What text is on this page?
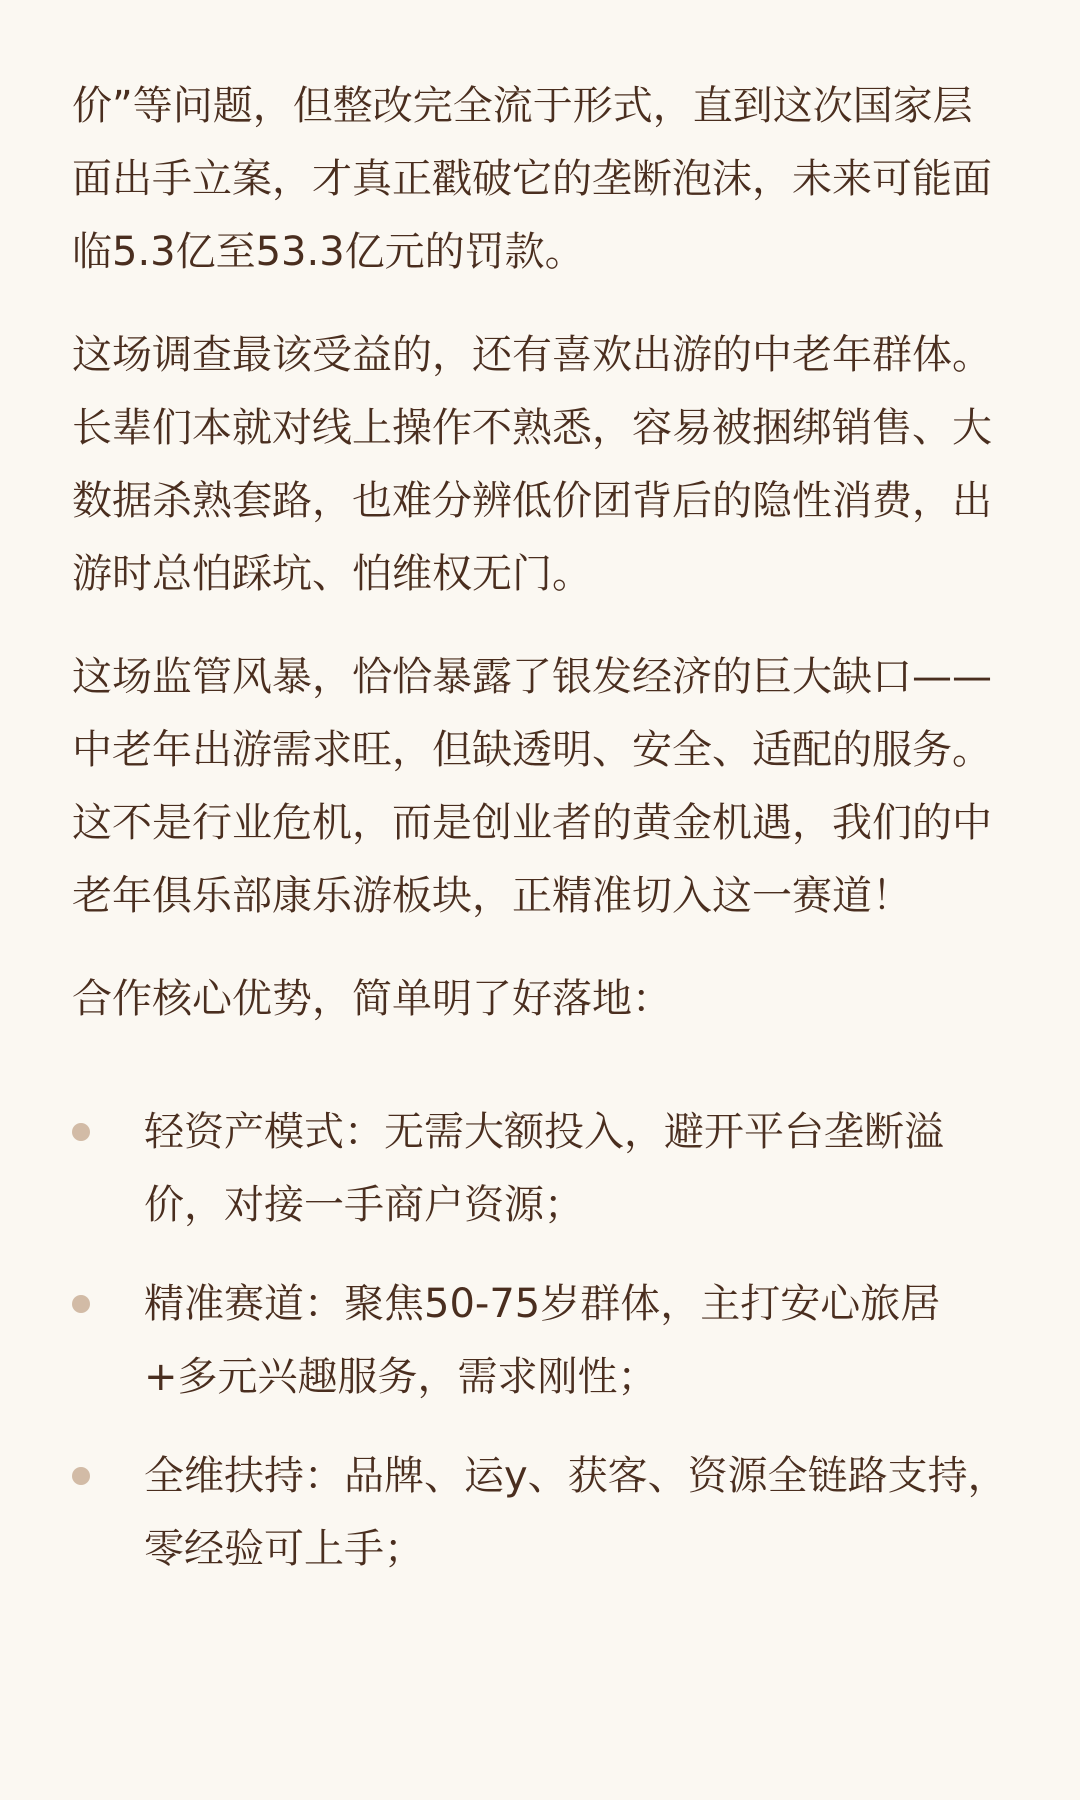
价”等问题，但整改完全流于形式，直到这次国家层面出手立案，才真正戳破它的垄断泡沫，未来可能面临5.3亿至53.3亿元的罚款。

这场调查最该受益的，还有喜欢出游的中老年群体。长辈们本就对线上操作不熟悉，容易被捆绑销售、大数据杀熟套路，也难分辨低价团背后的隐性消费，出游时总怕踩坑、怕维权无门。

这场监管风暴，恰恰暴露了银发经济的巨大缺口——中老年出游需求旺，但缺透明、安全、适配的服务。这不是行业危机，而是创业者的黄金机遇，我们的中老年俱乐部康乐游板块，正精准切入这一赛道！

合作核心优势，简单明了好落地：

轻资产模式：无需大额投入，避开平台垄断溢价，对接一手商户资源；
精准赛道：聚焦50-75岁群体，主打安心旅居+多元兴趣服务，需求刚性；
全维扶持：品牌、运y、获客、资源全链路支持，零经验可上手；
